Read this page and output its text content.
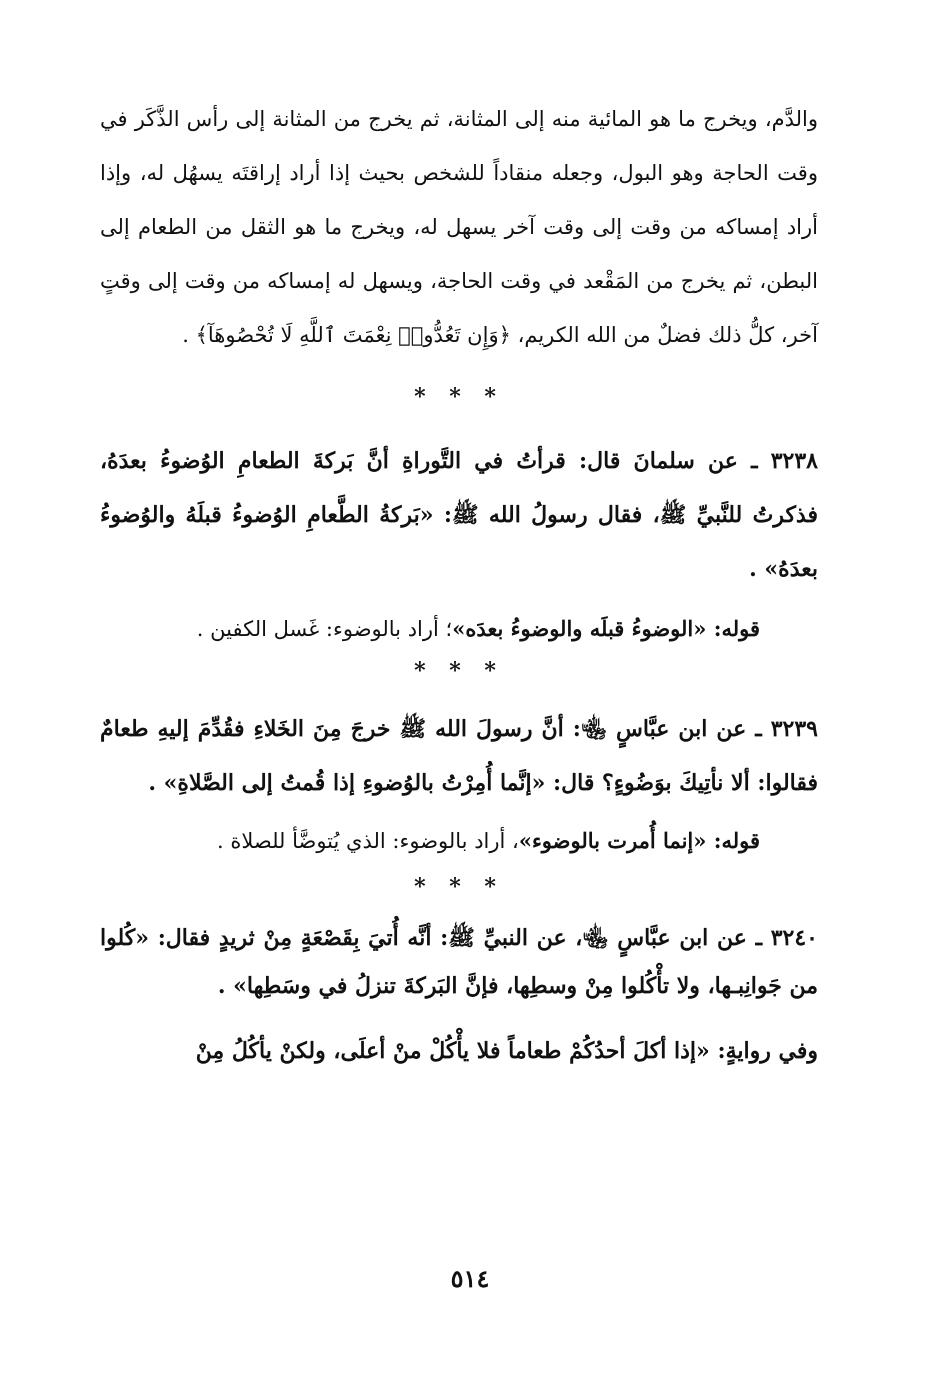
والدَّم، ويخرج ما هو المائية منه إلى المثانة، ثم يخرج من المثانة إلى رأس الذَّكَر في وقت الحاجة وهو البول، وجعله منقاداً للشخص بحيث إذا أراد إراقتَه يسهُل له، وإذا أراد إمساكه من وقت إلى وقت آخر يسهل له، ويخرج ما هو الثقل من الطعام إلى البطن، ثم يخرج من المَقْعد في وقت الحاجة، ويسهل له إمساكه من وقت إلى وقتٍ آخر، كلُّ ذلك فضلٌ من الله الكريم، ﴿وَإِن تَعُدُّوا۟ نِعْمَتَ ٱللَّهِ لَا تُحْصُوهَآ﴾ .

* * *

٣٢٣٨ ـ عن سلمانَ قال: قرأتُ في التَّوراةِ أنَّ بَركةَ الطعامِ الوُضوءُ بعدَهُ، فذكرتُ للنَّبيِّ ﷺ، فقال رسولُ الله ﷺ: «بَركةُ الطَّعامِ الوُضوءُ قبلَهُ والوُضوءُ بعدَهُ» .

قوله: «الوضوءُ قبلَه والوضوءُ بعدَه»؛ أراد بالوضوء: غَسل الكفين .

* * *

٣٢٣٩ ـ عن ابن عبَّاسٍ ﵄: أنَّ رسولَ الله ﷺ خرجَ مِنَ الخَلاءِ فقُدِّمَ إليهِ طعامٌ فقالوا: ألا نأتِيكَ بوَضُوءٍ؟ قال: «إنَّما أُمِرْتُ بالوُضوءِ إذا قُمتُ إلى الصَّلاةِ» .

قوله: «إنما أُمرت بالوضوء»، أراد بالوضوء: الذي يُتوضَّأ للصلاة .

* * *

٣٢٤٠ ـ عن ابن عبَّاسٍ ﵄، عن النبيِّ ﷺ: أنَّه أُتيَ بِقَصْعَةٍ مِنْ ثريدٍ فقال: «كُلوا من جَوانِبـها، ولا تأْكُلوا مِنْ وسطِها، فإنَّ البَركةَ تنزلُ في وسَطِها» .

وفي روايةٍ: «إذا أكلَ أحدُكُمْ طعاماً فلا يأْكُلْ منْ أعلَى، ولكنْ يأكُلُ مِنْ

٥١٤
